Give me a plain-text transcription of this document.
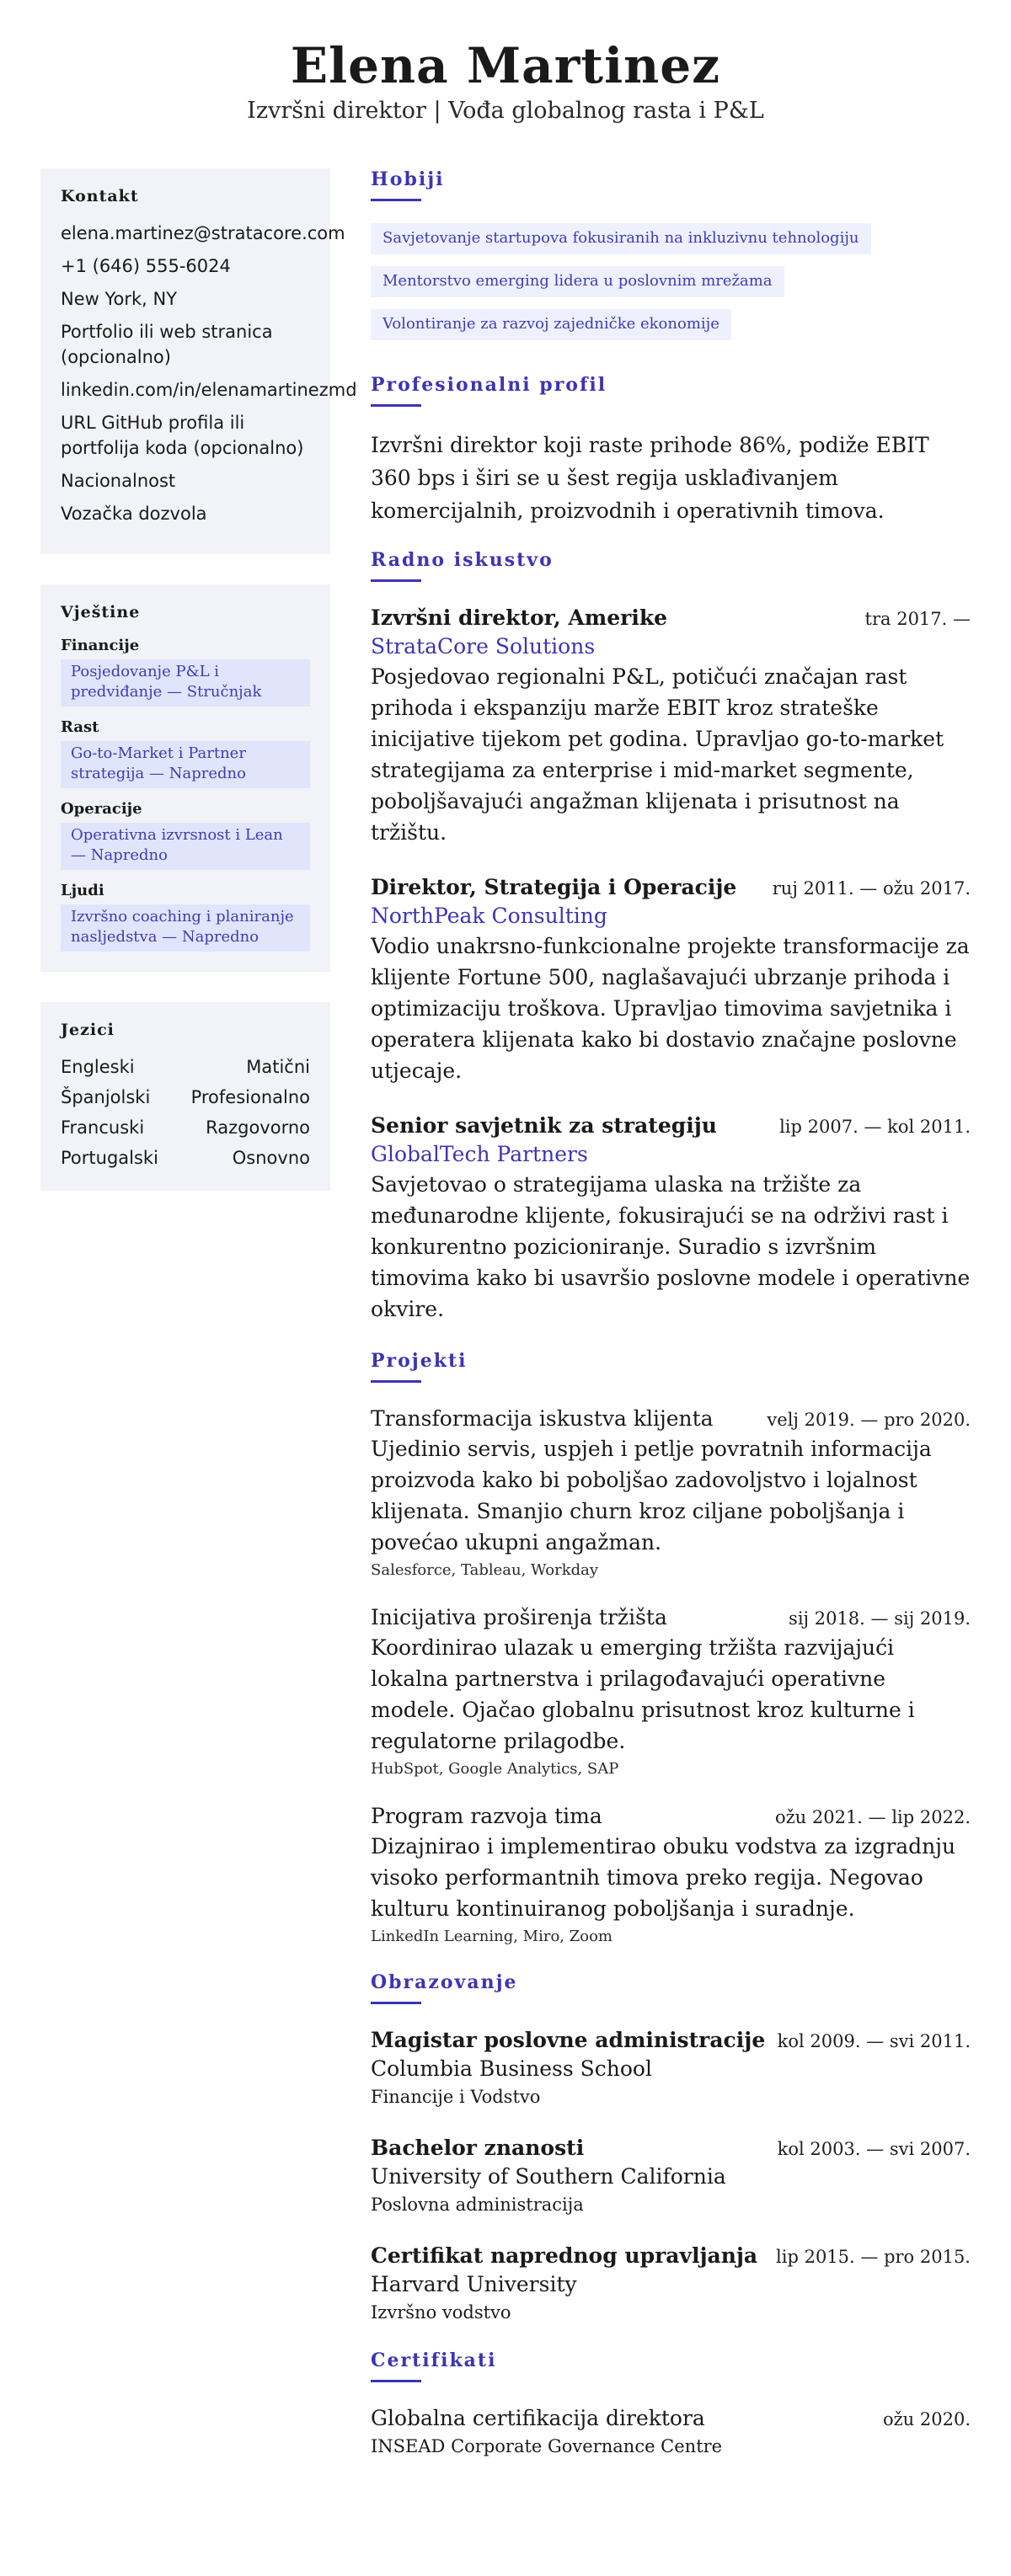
Elena Martinez
Izvršni direktor | Vođa globalnog rasta i P&L
Kontakt
elena.martinez@stratacore.com
+1 (646) 555-6024
New York, NY
Portfolio ili web stranica (opcionalno)
linkedin.com/in/elenamartinezmd
URL GitHub profila ili portfolija koda (opcionalno)
Nacionalnost
Vozačka dozvola
Vještine
Financije
Posjedovanje P&L i predviđanje — Stručnjak
Rast
Go-to-Market i Partner strategija — Napredno
Operacije
Operativna izvrsnost i Lean — Napredno
Ljudi
Izvršno coaching i planiranje nasljedstva — Napredno
Jezici
Engleski	Matični
Španjolski Profesionalno
Francuski	Razgovorno
Portugalski	Osnovno
Hobiji
Savjetovanje startupova fokusiranih na inkluzivnu tehnologiju
Mentorstvo emerging lidera u poslovnim mrežama
Volontiranje za razvoj zajedničke ekonomije
Profesionalni profil

Izvršni direktor koji raste prihode 86%, podiže EBIT 360 bps i širi se u šest regija usklađivanjem komercijalnih, proizvodnih i operativnih timova.

Radno iskustvo
Izvršni direktor, Amerike	tra 2017. —
StrataCore Solutions

Posjedovao regionalni P&L, potičući značajan rast prihoda i ekspanziju marže EBIT kroz strateške inicijative tijekom pet godina. Upravljao go-to-market strategijama za enterprise i mid-market segmente, poboljšavajući angažman klijenata i prisutnost na tržištu.

Direktor, Strategija i Operacije ruj 2011. — ožu 2017.
NorthPeak Consulting

Vodio unakrsno-funkcionalne projekte transformacije za klijente Fortune 500, naglašavajući ubrzanje prihoda i optimizaciju troškova. Upravljao timovima savjetnika i operatera klijenata kako bi dostavio značajne poslovne utjecaje.

Senior savjetnik za strategiju	lip 2007. — kol 2011.
GlobalTech Partners

Savjetovao o strategijama ulaska na tržište za međunarodne klijente, fokusirajući se na održivi rast i konkurentno pozicioniranje. Suradio s izvršnim timovima kako bi usavršio poslovne modele i operativne okvire.

Projekti
Transformacija iskustva klijenta	velj 2019. — pro 2020.

Ujedinio servis, uspjeh i petlje povratnih informacija proizvoda kako bi poboljšao zadovoljstvo i lojalnost klijenata. Smanjio churn kroz ciljane poboljšanja i povećao ukupni angažman.

Salesforce, Tableau, Workday
Inicijativa proširenja tržišta	sij 2018. — sij 2019.

Koordinirao ulazak u emerging tržišta razvijajući lokalna partnerstva i prilagođavajući operativne modele. Ojačao globalnu prisutnost kroz kulturne i regulatorne prilagodbe.

HubSpot, Google Analytics, SAP
Program razvoja tima	ožu 2021. — lip 2022.

Dizajnirao i implementirao obuku vodstva za izgradnju visoko performantnih timova preko regija. Negovao kulturu kontinuiranog poboljšanja i suradnje.

LinkedIn Learning, Miro, Zoom
Obrazovanje
Magistar poslovne administracije kol 2009. — svi 2011.
Columbia Business School
Financije i Vodstvo
Bachelor znanosti	kol 2003. — svi 2007.
University of Southern California
Poslovna administracija
Certifikat naprednog upravljanja lip 2015. — pro 2015.
Harvard University
Izvršno vodstvo
Certifikati
Globalna certifikacija direktora	ožu 2020.
INSEAD Corporate Governance Centre
